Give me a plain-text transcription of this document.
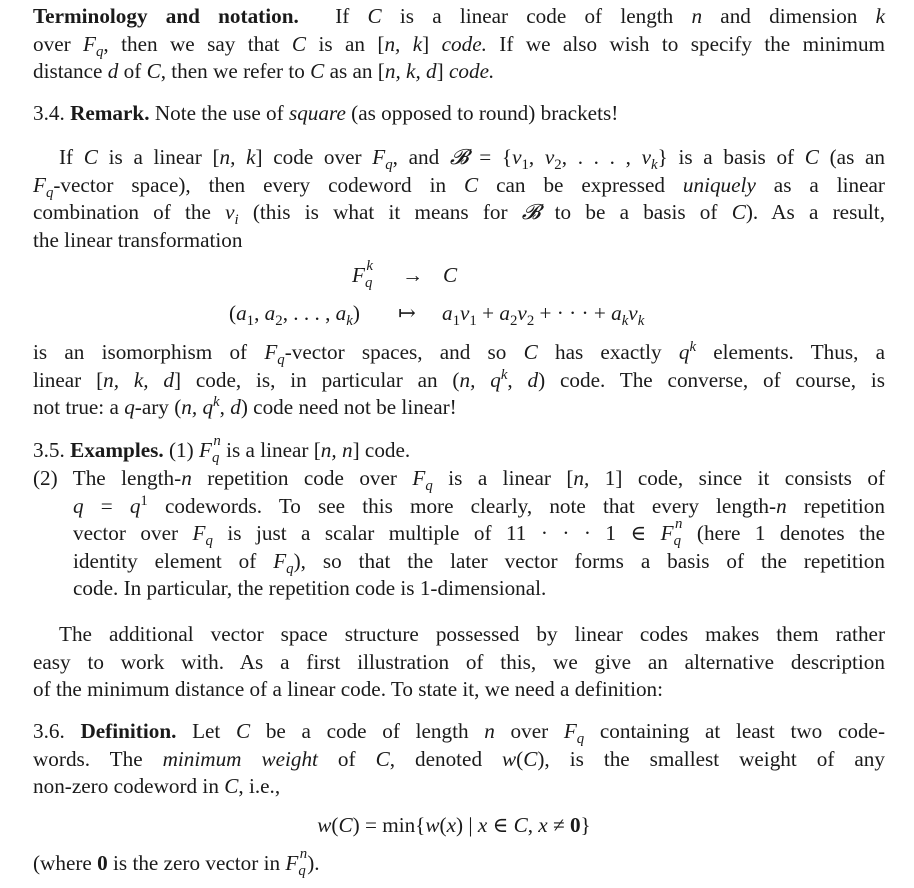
Terminology and notation.  If C is a linear code of length n and dimension k
over $F_q$, then we say that C is an [n, k] code. If we also wish to specify the minimum
distance d of C, then we refer to C as an [n, k, d] code.
3.4. Remark. Note the use of square (as opposed to round) brackets!
If C is a linear [n, k] code over $F_q$, and 𝓑 = {$v_1$, $v_2$, . . . , $v_k$} is a basis of C (as an
$F_q$-vector space), then every codeword in C can be expressed uniquely as a linear
combination of the $v_i$ (this is what it means for 𝓑 to be a basis of C). As a result,
the linear transformation
$F_q^k \to C$
($a_1$, $a_2$, . . . , $a_k$) ↦ $a_1v_1 + a_2v_2$ + · · · + $a_kv_k$
is an isomorphism of $F_q$-vector spaces, and so C has exactly $q^k$ elements. Thus, a
linear [n, k, d] code, is, in particular an (n, $q^k$, d) code. The converse, of course, is
not true: a q-ary (n, $q^k$, d) code need not be linear!
3.5. Examples. (1) $F_q^n$ is a linear [n, n] code.
(2) The length-n repetition code over $F_q$ is a linear [n, 1] code, since it consists of
$q = q^1$ codewords. To see this more clearly, note that every length-n repetition
vector over $F_q$ is just a scalar multiple of 11 · · · 1 ∈ $F_q^n$ (here 1 denotes the
identity element of $F_q$), so that the later vector forms a basis of the repetition
code. In particular, the repetition code is 1-dimensional.
The additional vector space structure possessed by linear codes makes them rather
easy to work with. As a first illustration of this, we give an alternative description
of the minimum distance of a linear code. To state it, we need a definition:
3.6. Definition. Let C be a code of length n over $F_q$ containing at least two code-
words. The minimum weight of C, denoted w(C), is the smallest weight of any
non-zero codeword in C, i.e.,
w(C) = min{w(x) | x ∈ C, x ≠ 0}
(where 0 is the zero vector in $F_q^n$).
